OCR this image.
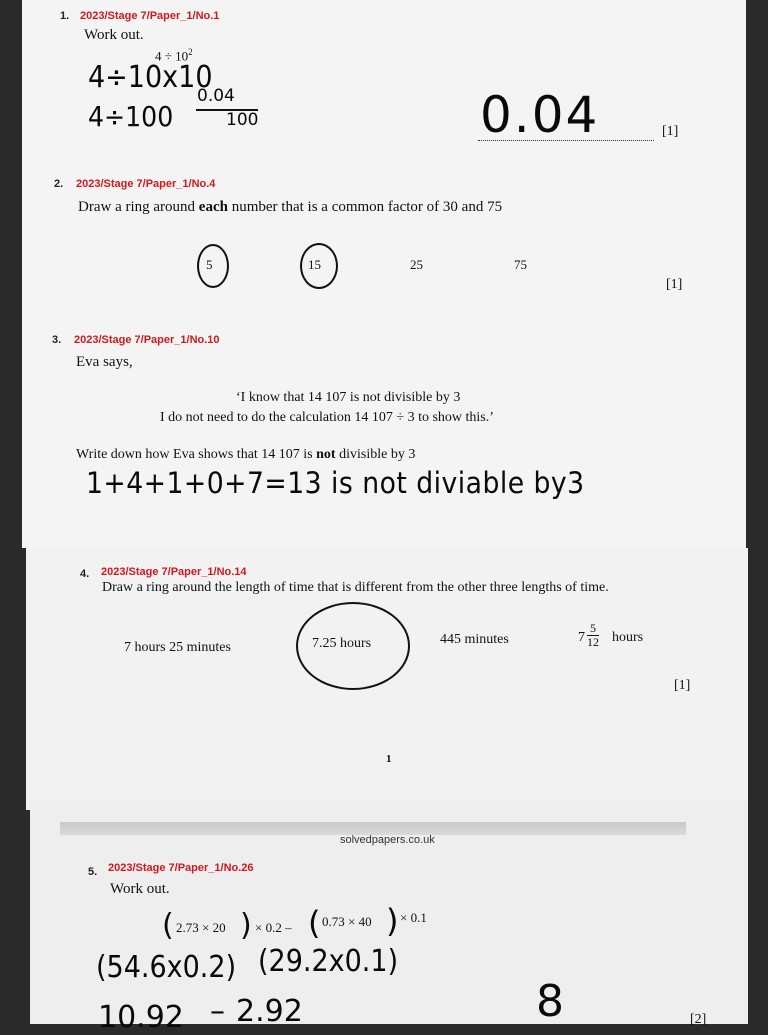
1. 2023/Stage 7/Paper_1/No.1
Work out.
$4 \div 10^2$
4÷10x10
4÷100
0.04
100	0.04	[1]
2. 2023/Stage 7/Paper_1/No.4
Draw a ring around each number that is a common factor of 30 and 75
5	15	25	75
[1]
3. 2023/Stage 7/Paper_1/No.10
Eva says,
‘I know that 14 107 is not divisible by 3
I do not need to do the calculation 14 107 ÷ 3 to show this.’
Write down how Eva shows that 14 107 is not divisible by 3
1+4+1+0+7=13 is not diviable by3
4. 2023/Stage 7/Paper_1/No.14
Draw a ring around the length of time that is different from the other three lengths of time.
7 hours 25 minutes	7.25 hours	445 minutes	7
5
12 hours
[1]
1
solvedpapers.co.uk
5. 2023/Stage 7/Paper_1/No.26
Work out.
( 2.73 × 20 ) × 0.2 – ( 0.73 × 40 ) × 0.1
(54.6x0.2) (29.2x0.1)
10.92 – 2.92	8	[2]
